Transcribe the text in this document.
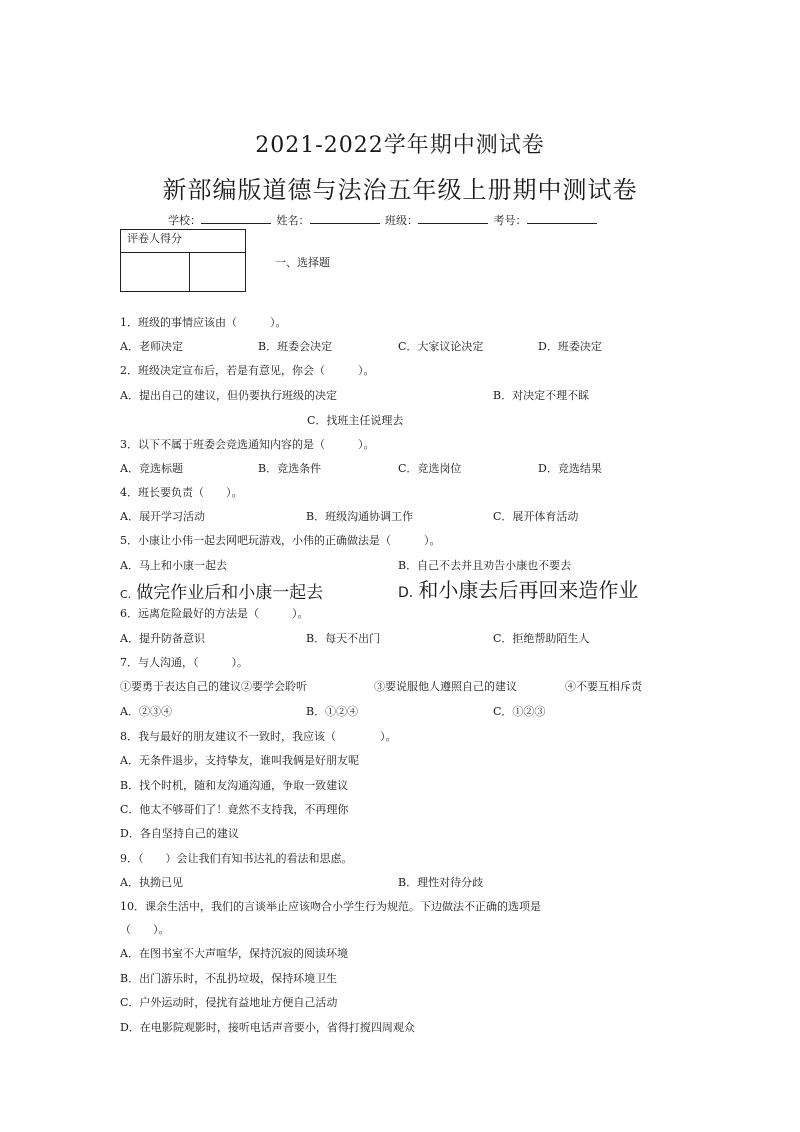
2021-2022学年期中测试卷
新部编版道德与法治五年级上册期中测试卷
学校：	姓名：	班级：	考号：
评卷人得分

一、选择题
1．班级的事情应该由（　　　）。
A．老师决定	B．班委会决定	C．大家议论决定	D．班委决定
2．班级决定宣布后，若是有意见，你会（　　　）。
A．提出自己的建议，但仍要执行班级的决定	B．对决定不理不睬
C．找班主任说理去
3．以下不属于班委会竞选通知内容的是（　　　）。
A．竞选标题	B．竞选条件	C．竞选岗位	D．竞选结果
4．班长要负责（　　）。
A．展开学习活动	B．班级沟通协调工作	C．展开体育活动
5．小康让小伟一起去网吧玩游戏，小伟的正确做法是（　　　）。
A．马上和小康一起去	B．自己不去并且劝告小康也不要去
C. 做完作业后和小康一起去	D. 和小康去后再回来造作业
6．远离危险最好的方法是（　　　）。
A．提升防备意识	B．每天不出门	C．拒绝帮助陌生人
7．与人沟通，（　　　）。
①要勇于表达自己的建议②要学会聆听	③要说服他人遵照自己的建议	④不要互相斥责
A．②③④	B．①②④	C．①②③
8．我与最好的朋友建议不一致时，我应该（　　　　）。
A．无条件退步，支持挚友，谁叫我俩是好朋友呢
B．找个时机，随和友沟通沟通，争取一致建议
C．他太不够哥们了！竟然不支持我，不再理你
D．各自坚持自己的建议
9．（　　）会让我们有知书达礼的看法和思虑。
A．执拗已见	B．理性对待分歧
10．课余生活中，我们的言谈举止应该吻合小学生行为规范。下边做法不正确的选项是
（　　）。
A．在图书室不大声喧华，保持沉寂的阅读环境
B．出门游乐时，不乱扔垃圾，保持环境卫生
C．户外运动时，侵扰有益地址方便自己活动
D．在电影院观影时，接听电话声音要小，省得打搅四周观众
